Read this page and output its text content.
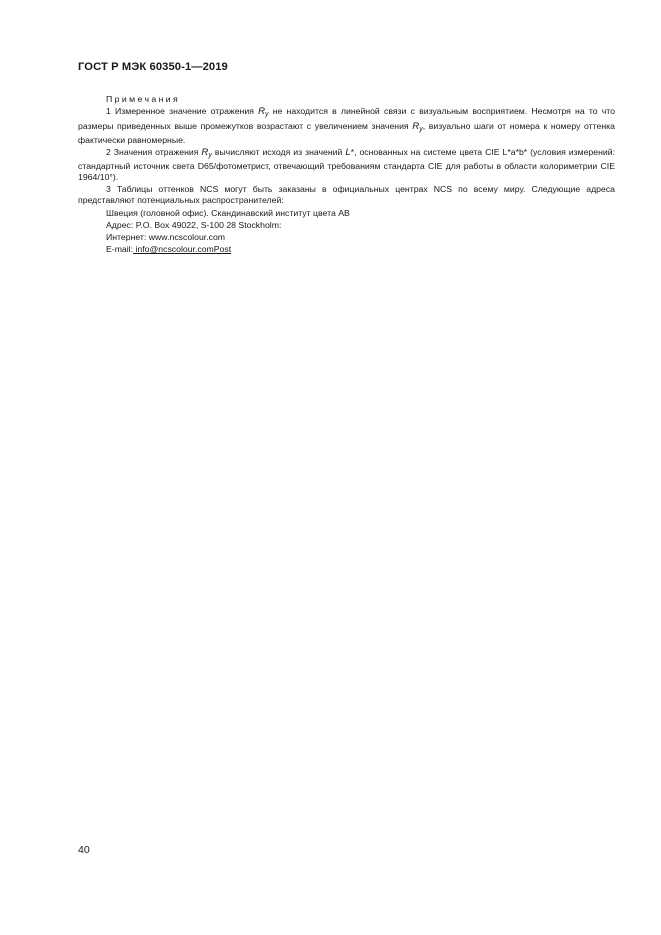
ГОСТ Р МЭК 60350-1—2019
Примечания

1 Измеренное значение отражения $R_y$ не находится в линейной связи с визуальным восприятием. Несмотря на то что размеры приведенных выше промежутков возрастают с увеличением значения $R_y$, визуально шаги от номера к номеру оттенка фактически равномерные.

2 Значения отражения $R_y$ вычисляют исходя из значений L*, основанных на системе цвета CIE L*a*b* (условия измерений: стандартный источник света D65/фотометрист, отвечающий требованиям стандарта CIE для работы в области колориметрии CIE 1964/10°).

3 Таблицы оттенков NCS могут быть заказаны в официальных центрах NCS по всему миру. Следующие адреса представляют потенциальных распространителей:

Швеция (головной офис). Скандинавский институт цвета AB

Адрес: P.O. Box 49022, S-100 28 Stockholm:

Интернет: www.ncscolour.com

E-mail: info@ncscolour.comPost

40
